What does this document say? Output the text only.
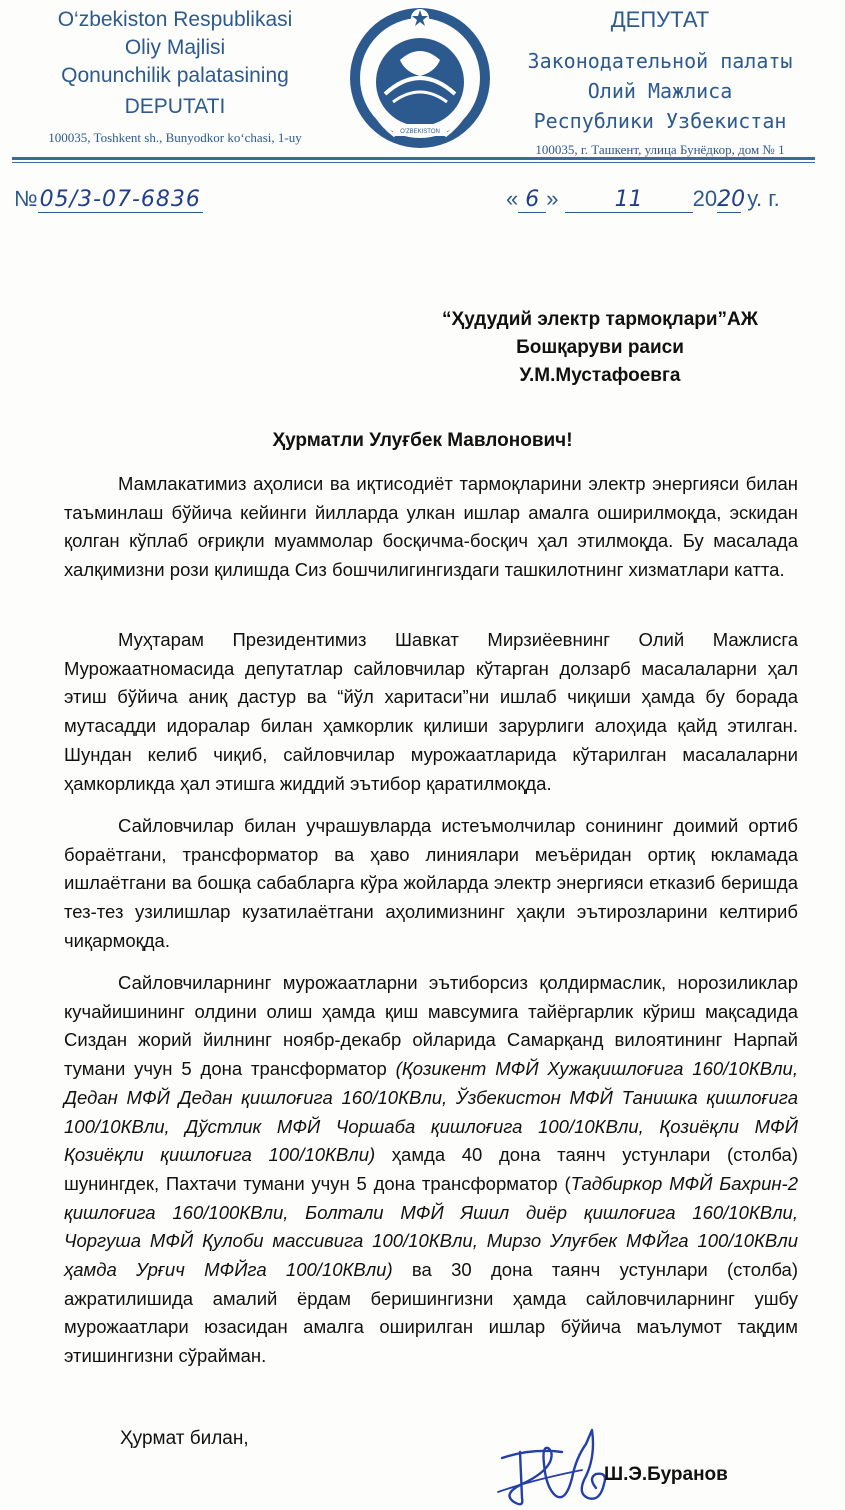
O‘zbekiston Respublikasi
Oliy Majlisi
Qonunchilik palatasining
DEPUTATI
100035, Toshkent sh., Bunyodkor ko‘chasi, 1-uy	O'ZBEKISTON
ДЕПУТАТ
Законодательной палаты
Олий Мажлиса
Республики Узбекистан
100035, г. Ташкент, улица Бунёдкор, дом № 1
№05/3-07-6836	« 6 »	11 2020 у. г.
“Ҳудудий электр тармоқлари”АЖ
Бошқаруви раиси
У.М.Мустафоевга
Ҳурматли Улуғбек Мавлонович!
Мамлакатимиз аҳолиси ва иқтисодиёт тармоқларини электр энергияси билан таъминлаш бўйича кейинги йилларда улкан ишлар амалга оширилмоқда, эскидан қолган кўплаб оғриқли муаммолар босқичма-босқич ҳал этилмоқда. Бу масалада халқимизни рози қилишда Сиз бошчилигингиздаги ташкилотнинг хизматлари катта.
Муҳтарам Президентимиз Шавкат Мирзиёевнинг Олий Мажлисга Мурожаатномасида депутатлар сайловчилар кўтарган долзарб масалаларни ҳал этиш бўйича аниқ дастур ва “йўл харитаси”ни ишлаб чиқиши ҳамда бу борада мутасадди идоралар билан ҳамкорлик қилиши зарурлиги алоҳида қайд этилган. Шундан келиб чиқиб, сайловчилар мурожаатларида кўтарилган масалаларни ҳамкорликда ҳал этишга жиддий эътибор қаратилмоқда.
Сайловчилар билан учрашувларда истеъмолчилар сонининг доимий ортиб бораётгани, трансформатор ва ҳаво линиялари меъёридан ортиқ юкламада ишлаётгани ва бошқа сабабларга кўра жойларда электр энергияси етказиб беришда тез-тез узилишлар кузатилаётгани аҳолимизнинг ҳақли эътирозларини келтириб чиқармоқда.
Сайловчиларнинг мурожаатларни эътиборсиз қолдирмаслик, норозиликлар кучайишининг олдини олиш ҳамда қиш мавсумига тайёргарлик кўриш мақсадида Сиздан жорий йилнинг ноябр-декабр ойларида Самарқанд вилоятининг Нарпай тумани учун 5 дона трансформатор (Қозикент МФЙ Хужақишлоғига 160/10КВли, Дедан МФЙ Дедан қишлоғига 160/10КВли, Ўзбекистон МФЙ Танишка қишлоғига 100/10КВли, Дўстлик МФЙ Чоршаба қишлоғига 100/10КВли, Қозиёқли МФЙ Қозиёқли қишлоғига 100/10КВли) ҳамда 40 дона таянч устунлари (столба) шунингдек, Пахтачи тумани учун 5 дона трансформатор (Тадбиркор МФЙ Бахрин-2 қишлоғига 160/100КВли, Болтали МФЙ Яшил диёр қишлоғига 160/10КВли, Чоргуша МФЙ Қулоби массивига 100/10КВли, Мирзо Улуғбек МФЙга 100/10КВли ҳамда Урғич МФЙга 100/10КВли) ва 30 дона таянч устунлари (столба) ажратилишида амалий ёрдам беришингизни ҳамда сайловчиларнинг ушбу мурожаатлари юзасидан амалга оширилган ишлар бўйича маълумот тақдим этишингизни сўрайман.
Ҳурмат билан,
Ш.Э.Буранов
